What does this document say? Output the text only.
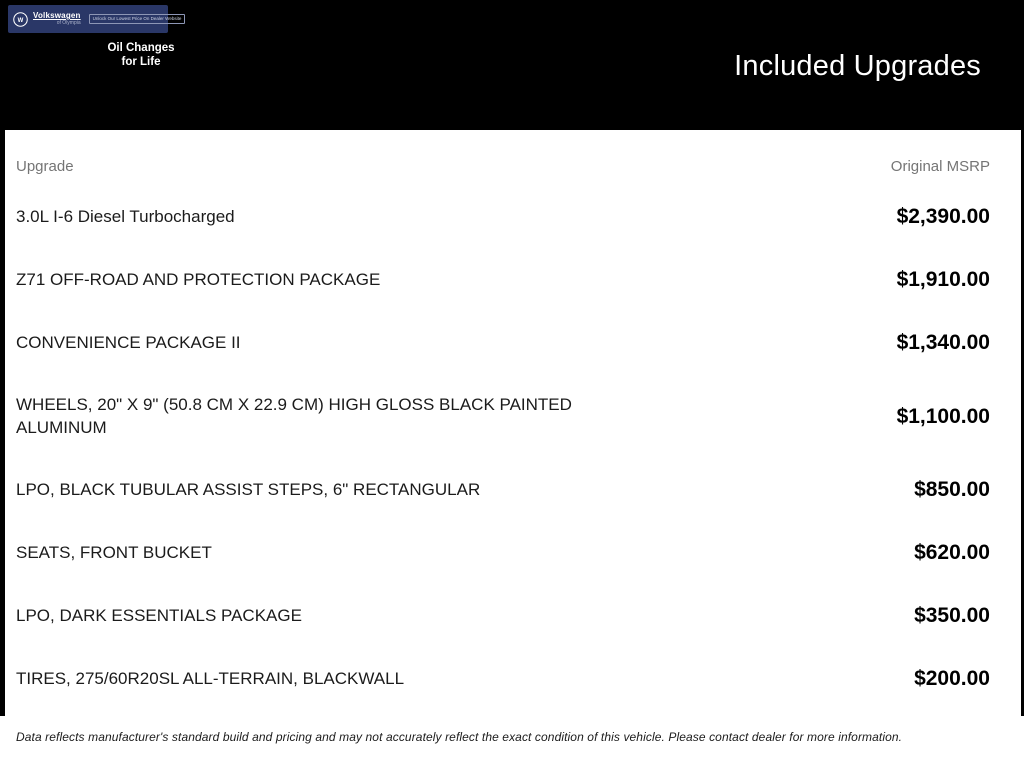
W
Volkswagen
of Olympia
Unlock Our Lowest Price On Dealer Website
Oil Changes
for Life	Included Upgrades
Upgrade	Original MSRP
3.0L I-6 Diesel Turbocharged	$2,390.00
Z71 OFF-ROAD AND PROTECTION PACKAGE	$1,910.00
CONVENIENCE PACKAGE II	$1,340.00
WHEELS, 20" X 9" (50.8 CM X 22.9 CM) HIGH GLOSS BLACK PAINTED ALUMINUM	$1,100.00
LPO, BLACK TUBULAR ASSIST STEPS, 6" RECTANGULAR	$850.00
SEATS, FRONT BUCKET	$620.00
LPO, DARK ESSENTIALS PACKAGE	$350.00
TIRES, 275/60R20SL ALL-TERRAIN, BLACKWALL	$200.00
Data reflects manufacturer's standard build and pricing and may not accurately reflect the exact condition of this vehicle. Please contact dealer for more information.
